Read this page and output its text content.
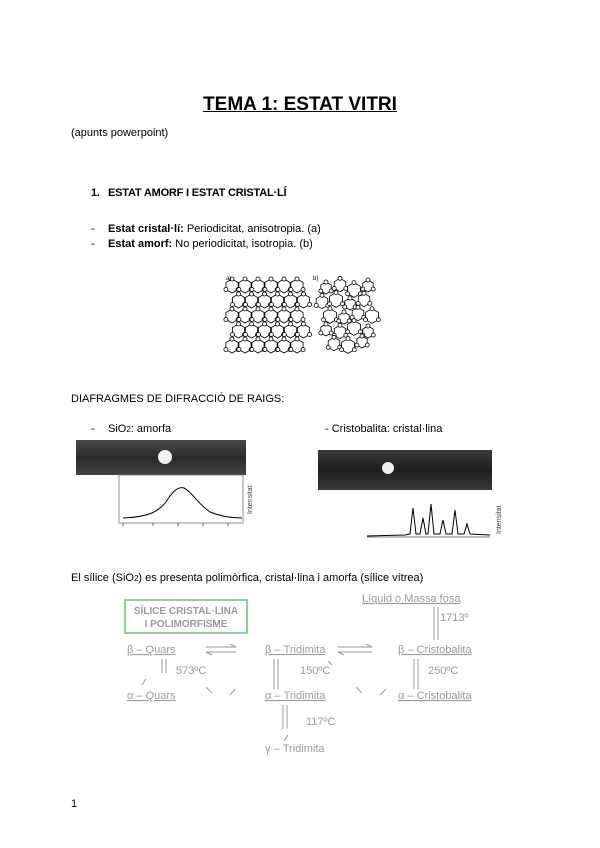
TEMA 1: ESTAT VITRI
(apunts powerpoint)
1. ESTAT AMORF I ESTAT CRISTAL·LÍ
- Estat cristal·lí: Periodicitat, anisotropia. (a)
- Estat amorf: No periodicitat, isotropia. (b)
a)	b)
DIAFRAGMES DE DIFRACCIÓ DE RAIGS:
- SiO2: amorfa	- Cristobalita: cristal·lina
Intensitat
Intensitat
El sílice (SiO2) es presenta polimòrfica, cristal·lina i amorfa (sílice vítrea)
SÍLICE CRISTAL·LINA
I POLIMORFISME
Líquid o Massa fosa
1713º
β – Quars	β – Tridimita	β – Cristobalita
573ºC	150ºC	250ºC
α – Quars	α – Tridimita	α – Cristobalita
117ºC
γ – Tridimita
1
